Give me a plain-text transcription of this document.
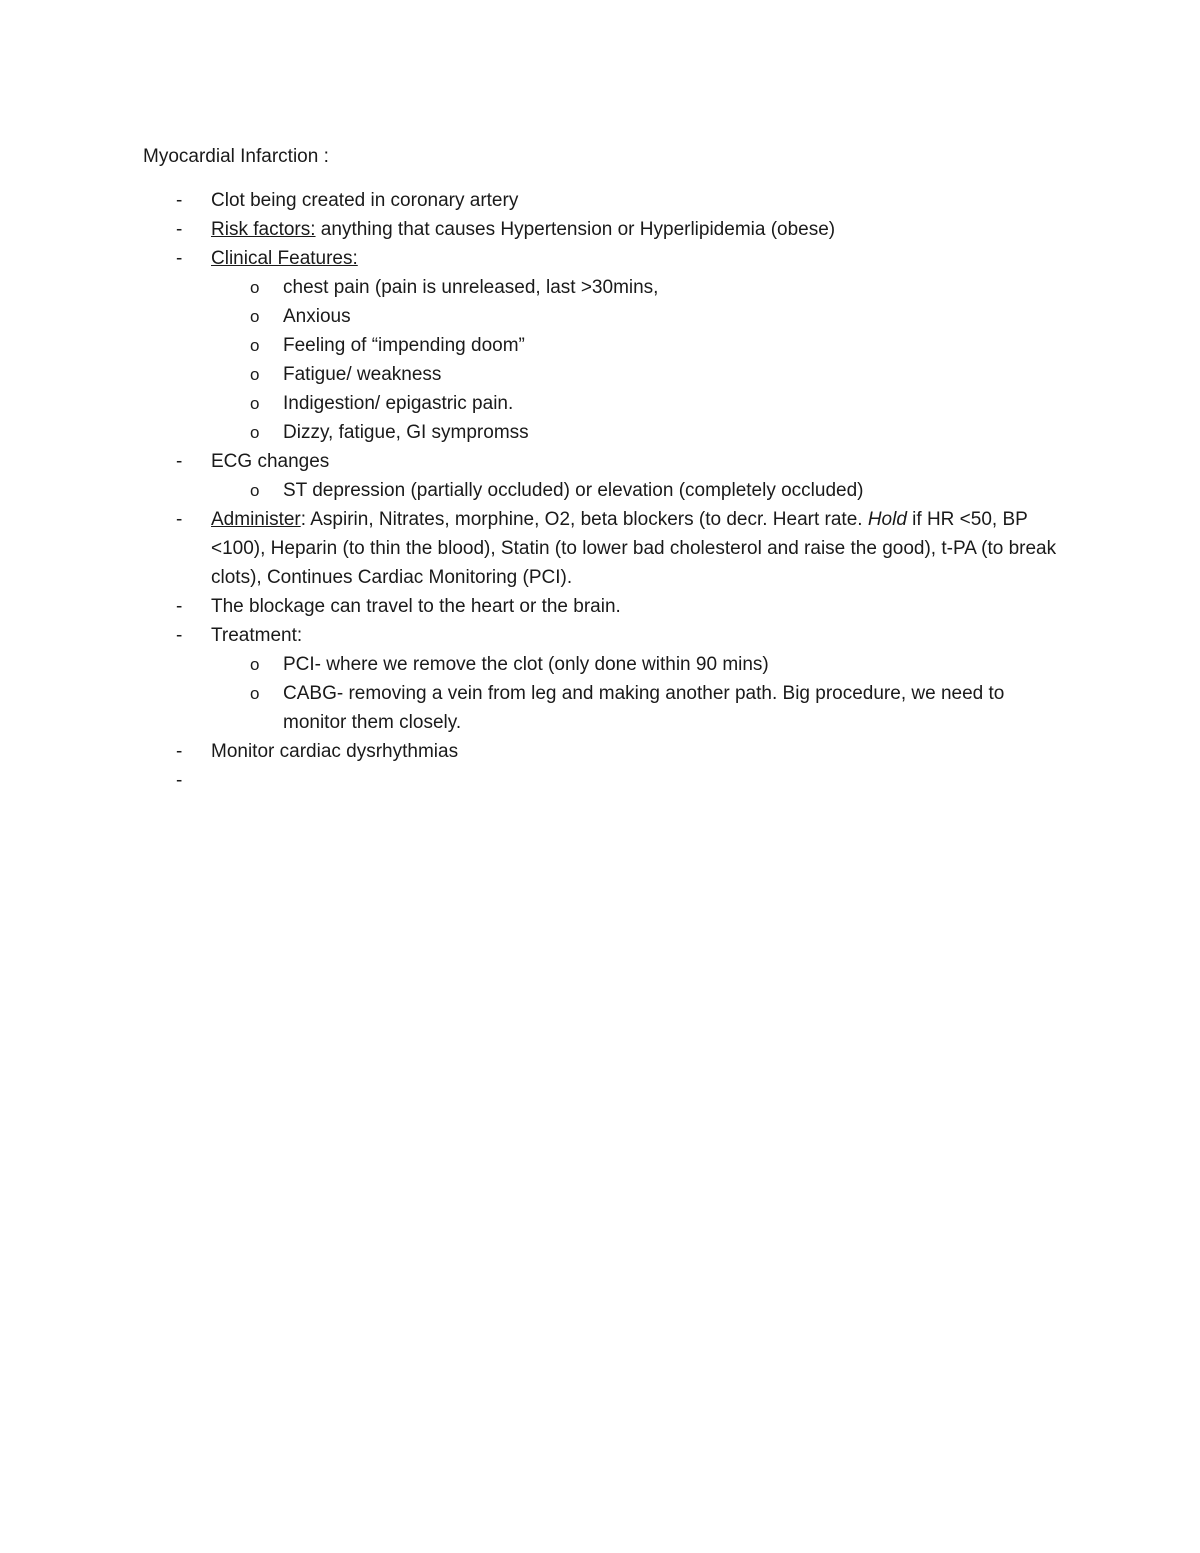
Myocardial Infarction :
- Clot being created in coronary artery
- Risk factors: anything that causes Hypertension or Hyperlipidemia (obese)
- Clinical Features:
o chest pain (pain is unreleased, last >30mins,
o Anxious
o Feeling of “impending doom”
o Fatigue/ weakness
o Indigestion/ epigastric pain.
o Dizzy, fatigue, GI sympromss
- ECG changes
o ST depression (partially occluded) or elevation (completely occluded)
- Administer: Aspirin, Nitrates, morphine, O2, beta blockers (to decr. Heart rate. Hold if HR <50, BP <100), Heparin (to thin the blood), Statin (to lower bad cholesterol and raise the good), t-PA (to break clots), Continues Cardiac Monitoring (PCI).
- The blockage can travel to the heart or the brain.
- Treatment:
o PCI- where we remove the clot (only done within 90 mins)
o CABG- removing a vein from leg and making another path. Big procedure, we need to monitor them closely.
- Monitor cardiac dysrhythmias
-
